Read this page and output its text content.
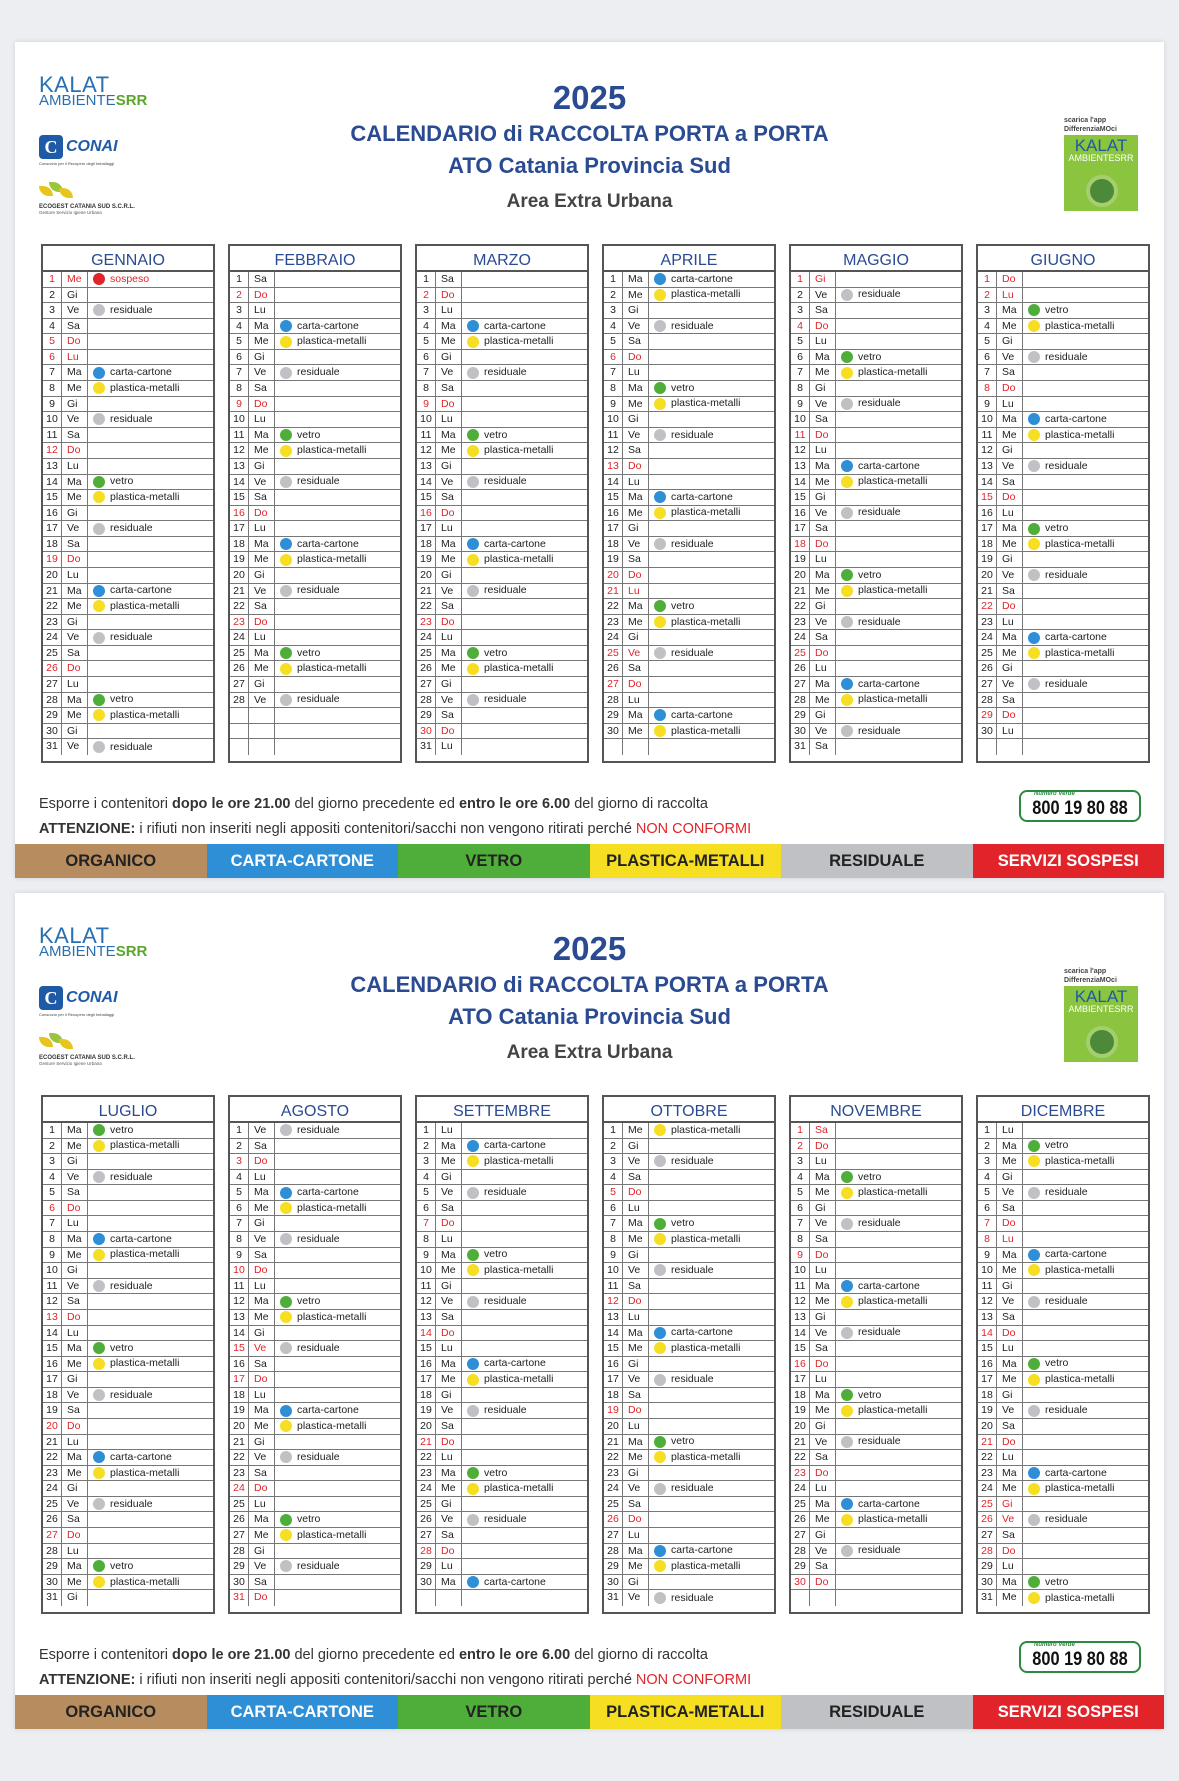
KALAT
AMBIENTESRR
C CONAI
Consorzio per il Recupero degli Imballaggi
ECOGEST CATANIA SUD S.C.R.L.
Gestore Servizio Igiene Urbana
2025
CALENDARIO di RACCOLTA PORTA a PORTA
ATO Catania Provincia Sud
Area Extra Urbana
scarica l'app
DifferenziaMOci
KALAT
AMBIENTESRR
GENNAIO
1	Me	sospeso
2	Gi
3	Ve	residuale
4	Sa
5	Do
6	Lu
7	Ma	carta-cartone
8	Me	plastica-metalli
9	Gi
10 Ve	residuale
11 Sa
12 Do
13 Lu
14 Ma	vetro
15 Me	plastica-metalli
16 Gi
17 Ve	residuale
18 Sa
19 Do
20 Lu
21 Ma	carta-cartone
22 Me	plastica-metalli
23 Gi
24 Ve	residuale
25 Sa
26 Do
27 Lu
28 Ma	vetro
29 Me	plastica-metalli
30 Gi
31 Ve	residuale
FEBBRAIO
1	Sa
2	Do
3	Lu
4	Ma	carta-cartone
5	Me	plastica-metalli
6	Gi
7	Ve	residuale
8	Sa
9	Do
10 Lu
11 Ma	vetro
12 Me	plastica-metalli
13 Gi
14 Ve	residuale
15 Sa
16 Do
17 Lu
18 Ma	carta-cartone
19 Me	plastica-metalli
20 Gi
21 Ve	residuale
22 Sa
23 Do
24 Lu
25 Ma	vetro
26 Me	plastica-metalli
27 Gi
28 Ve	residuale
MARZO
1	Sa
2	Do
3	Lu
4	Ma	carta-cartone
5	Me	plastica-metalli
6	Gi
7	Ve	residuale
8	Sa
9	Do
10 Lu
11 Ma	vetro
12 Me	plastica-metalli
13 Gi
14 Ve	residuale
15 Sa
16 Do
17 Lu
18 Ma	carta-cartone
19 Me	plastica-metalli
20 Gi
21 Ve	residuale
22 Sa
23 Do
24 Lu
25 Ma	vetro
26 Me	plastica-metalli
27 Gi
28 Ve	residuale
29 Sa
30 Do
31 Lu
APRILE
1	Ma	carta-cartone
2	Me	plastica-metalli
3	Gi
4	Ve	residuale
5	Sa
6	Do
7	Lu
8	Ma	vetro
9	Me	plastica-metalli
10 Gi
11 Ve	residuale
12 Sa
13 Do
14 Lu
15 Ma	carta-cartone
16 Me	plastica-metalli
17 Gi
18 Ve	residuale
19 Sa
20 Do
21 Lu
22 Ma	vetro
23 Me	plastica-metalli
24 Gi
25 Ve	residuale
26 Sa
27 Do
28 Lu
29 Ma	carta-cartone
30 Me	plastica-metalli
MAGGIO
1	Gi
2	Ve	residuale
3	Sa
4	Do
5	Lu
6	Ma	vetro
7	Me	plastica-metalli
8	Gi
9	Ve	residuale
10 Sa
11 Do
12 Lu
13 Ma	carta-cartone
14 Me	plastica-metalli
15 Gi
16 Ve	residuale
17 Sa
18 Do
19 Lu
20 Ma	vetro
21 Me	plastica-metalli
22 Gi
23 Ve	residuale
24 Sa
25 Do
26 Lu
27 Ma	carta-cartone
28 Me	plastica-metalli
29 Gi
30 Ve	residuale
31 Sa
GIUGNO
1	Do
2	Lu
3	Ma	vetro
4	Me	plastica-metalli
5	Gi
6	Ve	residuale
7	Sa
8	Do
9	Lu
10 Ma	carta-cartone
11 Me	plastica-metalli
12 Gi
13 Ve	residuale
14 Sa
15 Do
16 Lu
17 Ma	vetro
18 Me	plastica-metalli
19 Gi
20 Ve	residuale
21 Sa
22 Do
23 Lu
24 Ma	carta-cartone
25 Me	plastica-metalli
26 Gi
27 Ve	residuale
28 Sa
29 Do
30 Lu
Esporre i contenitori dopo le ore 21.00 del giorno precedente ed entro le ore 6.00 del giorno di raccolta
ATTENZIONE: i rifiuti non inseriti negli appositi contenitori/sacchi non vengono ritirati perché NON CONFORMI
Numero Verde
800 19 80 88
ORGANICO	CARTA-CARTONE	VETRO	PLASTICA-METALLI	RESIDUALE	SERVIZI SOSPESI
KALAT
AMBIENTESRR
C CONAI
Consorzio per il Recupero degli Imballaggi
ECOGEST CATANIA SUD S.C.R.L.
Gestore Servizio Igiene Urbana
2025
CALENDARIO di RACCOLTA PORTA a PORTA
ATO Catania Provincia Sud
Area Extra Urbana
scarica l'app
DifferenziaMOci
KALAT
AMBIENTESRR
LUGLIO
1	Ma	vetro
2	Me	plastica-metalli
3	Gi
4	Ve	residuale
5	Sa
6	Do
7	Lu
8	Ma	carta-cartone
9	Me	plastica-metalli
10 Gi
11 Ve	residuale
12 Sa
13 Do
14 Lu
15 Ma	vetro
16 Me	plastica-metalli
17 Gi
18 Ve	residuale
19 Sa
20 Do
21 Lu
22 Ma	carta-cartone
23 Me	plastica-metalli
24 Gi
25 Ve	residuale
26 Sa
27 Do
28 Lu
29 Ma	vetro
30 Me	plastica-metalli
31 Gi
AGOSTO
1	Ve	residuale
2	Sa
3	Do
4	Lu
5	Ma	carta-cartone
6	Me	plastica-metalli
7	Gi
8	Ve	residuale
9	Sa
10 Do
11 Lu
12 Ma	vetro
13 Me	plastica-metalli
14 Gi
15 Ve	residuale
16 Sa
17 Do
18 Lu
19 Ma	carta-cartone
20 Me	plastica-metalli
21 Gi
22 Ve	residuale
23 Sa
24 Do
25 Lu
26 Ma	vetro
27 Me	plastica-metalli
28 Gi
29 Ve	residuale
30 Sa
31 Do
SETTEMBRE
1	Lu
2	Ma	carta-cartone
3	Me	plastica-metalli
4	Gi
5	Ve	residuale
6	Sa
7	Do
8	Lu
9	Ma	vetro
10 Me	plastica-metalli
11 Gi
12 Ve	residuale
13 Sa
14 Do
15 Lu
16 Ma	carta-cartone
17 Me	plastica-metalli
18 Gi
19 Ve	residuale
20 Sa
21 Do
22 Lu
23 Ma	vetro
24 Me	plastica-metalli
25 Gi
26 Ve	residuale
27 Sa
28 Do
29 Lu
30 Ma	carta-cartone
OTTOBRE
1	Me	plastica-metalli
2	Gi
3	Ve	residuale
4	Sa
5	Do
6	Lu
7	Ma	vetro
8	Me	plastica-metalli
9	Gi
10 Ve	residuale
11 Sa
12 Do
13 Lu
14 Ma	carta-cartone
15 Me	plastica-metalli
16 Gi
17 Ve	residuale
18 Sa
19 Do
20 Lu
21 Ma	vetro
22 Me	plastica-metalli
23 Gi
24 Ve	residuale
25 Sa
26 Do
27 Lu
28 Ma	carta-cartone
29 Me	plastica-metalli
30 Gi
31 Ve	residuale
NOVEMBRE
1	Sa
2	Do
3	Lu
4	Ma	vetro
5	Me	plastica-metalli
6	Gi
7	Ve	residuale
8	Sa
9	Do
10 Lu
11 Ma	carta-cartone
12 Me	plastica-metalli
13 Gi
14 Ve	residuale
15 Sa
16 Do
17 Lu
18 Ma	vetro
19 Me	plastica-metalli
20 Gi
21 Ve	residuale
22 Sa
23 Do
24 Lu
25 Ma	carta-cartone
26 Me	plastica-metalli
27 Gi
28 Ve	residuale
29 Sa
30 Do
DICEMBRE
1	Lu
2	Ma	vetro
3	Me	plastica-metalli
4	Gi
5	Ve	residuale
6	Sa
7	Do
8	Lu
9	Ma	carta-cartone
10 Me	plastica-metalli
11 Gi
12 Ve	residuale
13 Sa
14 Do
15 Lu
16 Ma	vetro
17 Me	plastica-metalli
18 Gi
19 Ve	residuale
20 Sa
21 Do
22 Lu
23 Ma	carta-cartone
24 Me	plastica-metalli
25 Gi
26 Ve	residuale
27 Sa
28 Do
29 Lu
30 Ma	vetro
31 Me	plastica-metalli
Esporre i contenitori dopo le ore 21.00 del giorno precedente ed entro le ore 6.00 del giorno di raccolta
ATTENZIONE: i rifiuti non inseriti negli appositi contenitori/sacchi non vengono ritirati perché NON CONFORMI
Numero Verde
800 19 80 88
ORGANICO	CARTA-CARTONE	VETRO	PLASTICA-METALLI	RESIDUALE	SERVIZI SOSPESI
